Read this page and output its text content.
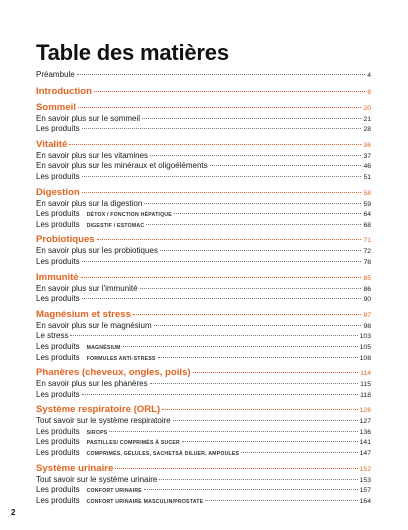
Table des matières
Préambule	4
Introduction	8
Sommeil	20
En savoir plus sur le sommeil	21
Les produits	28
Vitalité	36
En savoir plus sur les vitamines	37
En savoir plus sur les minéraux et oligoéléments	46
Les produits	51
Digestion	58
En savoir plus sur la digestion	59
Les produits DÉTOX / FONCTION HÉPATIQUE	64
Les produits DIGESTIF / ESTOMAC	68
Probiotiques	71
En savoir plus sur les probiotiques	72
Les produits	78
Immunité	85
En savoir plus sur l'immunité	86
Les produits	90
Magnésium et stress	97
En savoir plus sur le magnésium	98
Le stress	103
Les produits MAGNÉSIUM	105
Les produits FORMULES ANTI-STRESS	108
Phanères (cheveux, ongles, poils)	114
En savoir plus sur les phanères	115
Les produits	118
Système respiratoire (ORL)	126
Tout savoir sur le système respiratoire	127
Les produits SIROPS	136
Les produits PASTILLES/ COMPRIMÉS À SUCER	141
Les produits COMPRIMÉS, GÉLULES, SACHETSÀ DILUER, AMPOULES	147
Système urinaire	152
Tout savoir sur le système urinaire	153
Les produits CONFORT URINAIRE	157
Les produits CONFORT URINAIRE MASCULIN/PROSTATE	164
2
